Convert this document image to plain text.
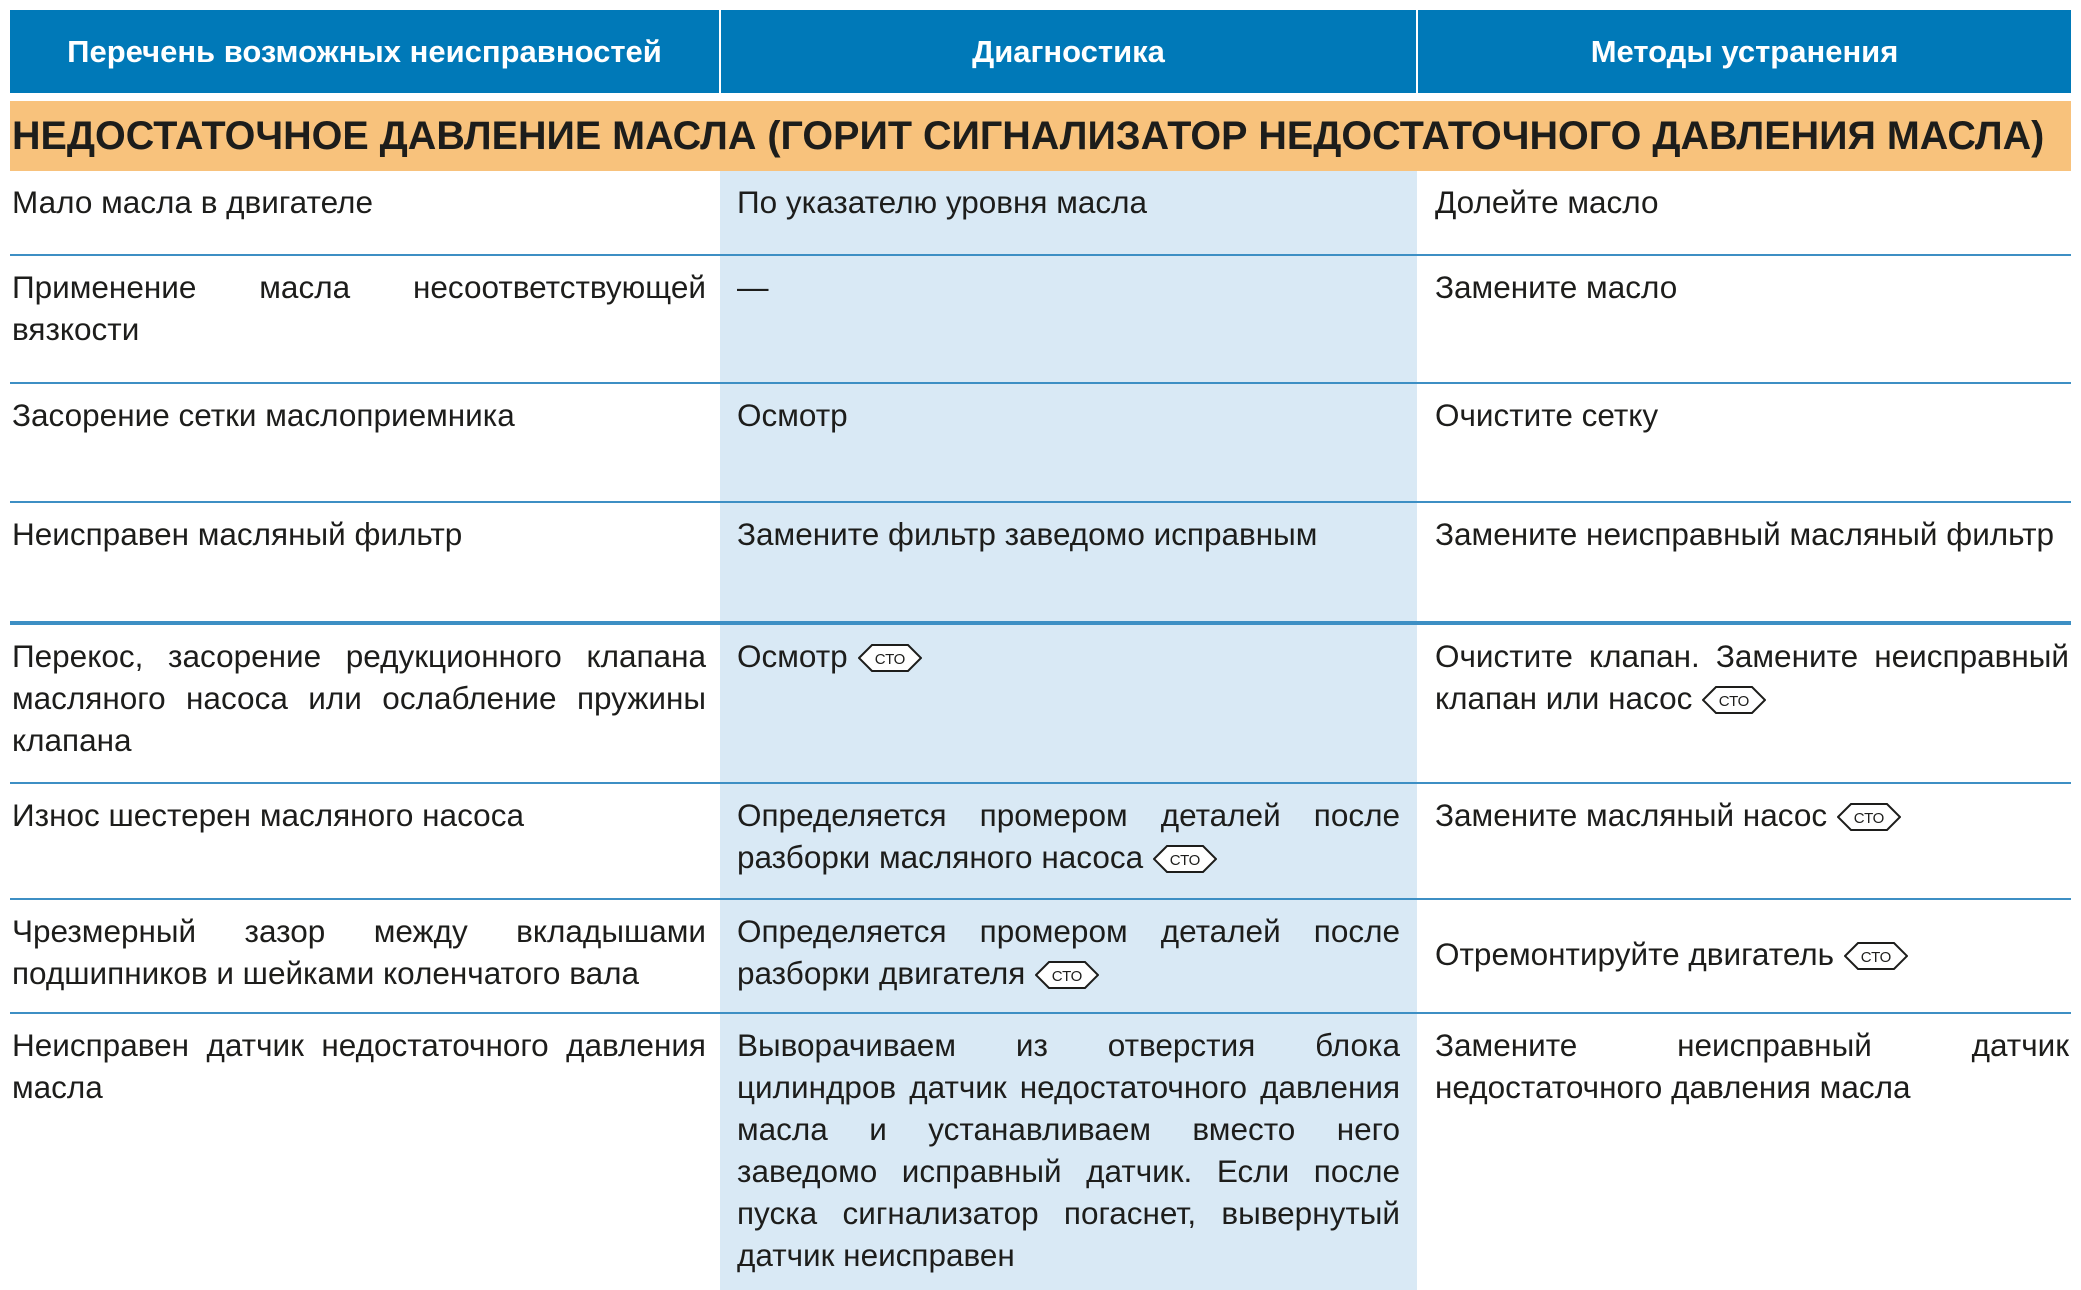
Перечень возможных неисправностей	Диагностика	Методы устранения
НЕДОСТАТОЧНОЕ ДАВЛЕНИЕ МАСЛА (ГОРИТ СИГНАЛИЗАТОР НЕДОСТАТОЧНОГО ДАВЛЕНИЯ МАСЛА)		
Мало масла в двигателе	По указателю уровня масла	Долейте масло
Применение масла несоответствующей вязкости	—	Замените масло
Засорение сетки маслоприемника	Осмотр	Очистите сетку
Неисправен масляный фильтр	Замените фильтр заведомо исправным	Замените неисправный масляный фильтр
Перекос, засорение редукционного клапана масляного насоса или ослабление пружины клапана	Осмотр СТО	Очистите клапан. Замените неисправный клапан или насос СТО

Износ шестерен масляного насоса	Определяется промером деталей после разборки масляного насоса СТО	Замените масляный насос СТО

Чрезмерный зазор между вкладышами подшипников и шейками коленчатого вала	Определяется промером деталей после разборки двигателя СТО	Отремонтируйте двигатель СТО

Неисправен датчик недостаточного давления масла	Выворачиваем из отверстия блока цилиндров датчик недостаточного давления масла и устанавливаем вместо него заведомо исправный датчик. Если после пуска сигнализатор погаснет, вывернутый датчик неисправен	Замените неисправный датчик недостаточного давления масла
